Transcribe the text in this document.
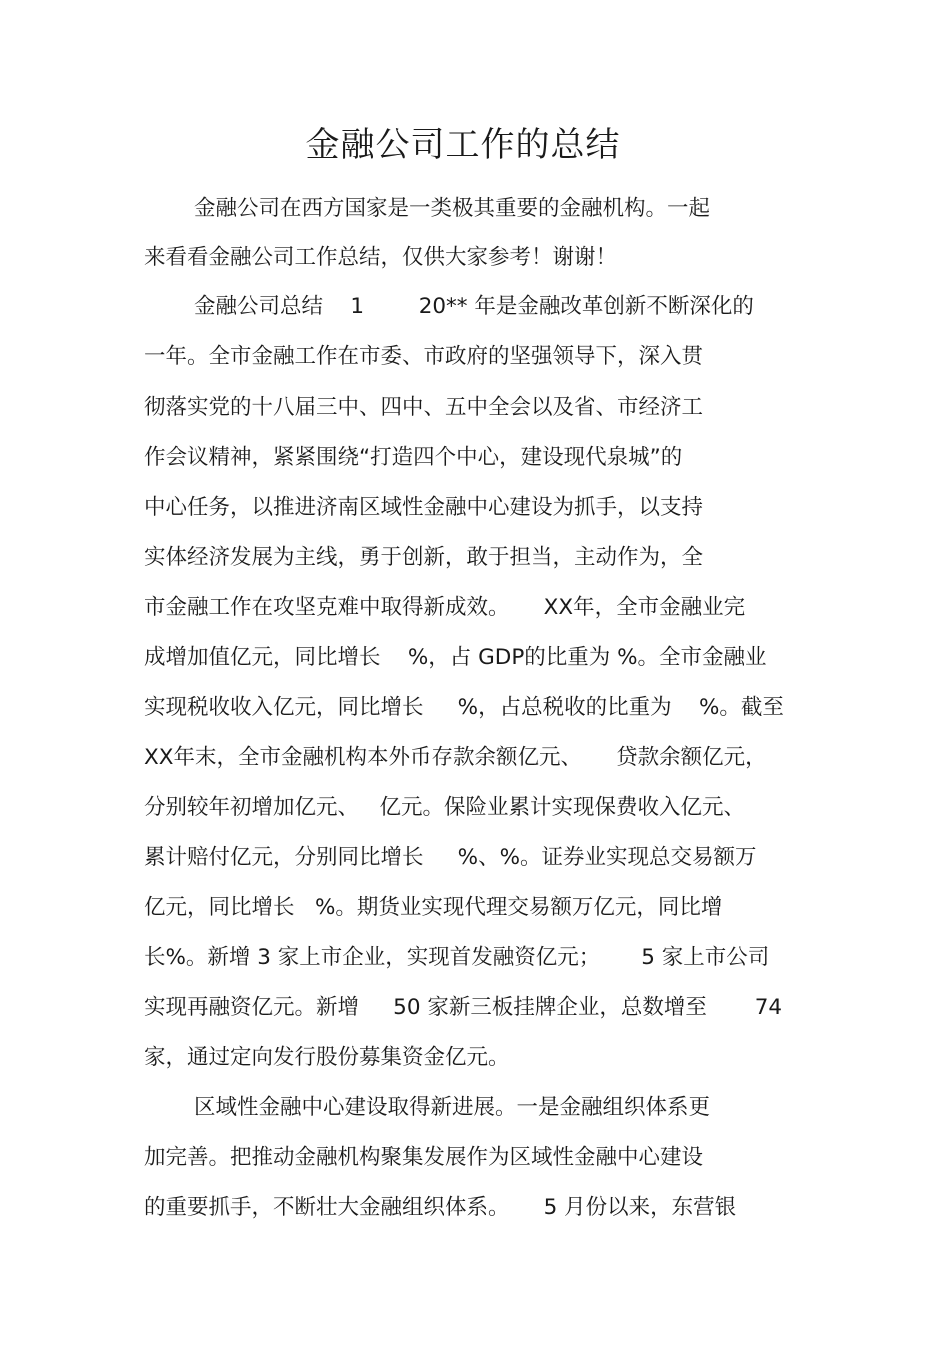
金融公司工作的总结
金融公司在西方国家是一类极其重要的金融机构。一起
来看看金融公司工作总结，仅供大家参考！谢谢！
金融公司总结    1        20** 年是金融改革创新不断深化的
一年。全市金融工作在市委、市政府的坚强领导下，深入贯
彻落实党的十八届三中、四中、五中全会以及省、市经济工
作会议精神，紧紧围绕“打造四个中心，建设现代泉城”的
中心任务，以推进济南区域性金融中心建设为抓手，以支持
实体经济发展为主线，勇于创新，敢于担当，主动作为，全
市金融工作在攻坚克难中取得新成效。     XX年，全市金融业完
成增加值亿元，同比增长    %，占 GDP的比重为 %。全市金融业
实现税收收入亿元，同比增长     %，占总税收的比重为    %。截至
XX年末，全市金融机构本外币存款余额亿元、     贷款余额亿元，
分别较年初增加亿元、   亿元。保险业累计实现保费收入亿元、
累计赔付亿元，分别同比增长     %、%。证券业实现总交易额万
亿元，同比增长   %。期货业实现代理交易额万亿元，同比增
长%。新增 3 家上市企业，实现首发融资亿元；      5 家上市公司
实现再融资亿元。新增     50 家新三板挂牌企业，总数增至       74
家，通过定向发行股份募集资金亿元。
区域性金融中心建设取得新进展。一是金融组织体系更
加完善。把推动金融机构聚集发展作为区域性金融中心建设
的重要抓手，不断壮大金融组织体系。     5 月份以来，东营银
